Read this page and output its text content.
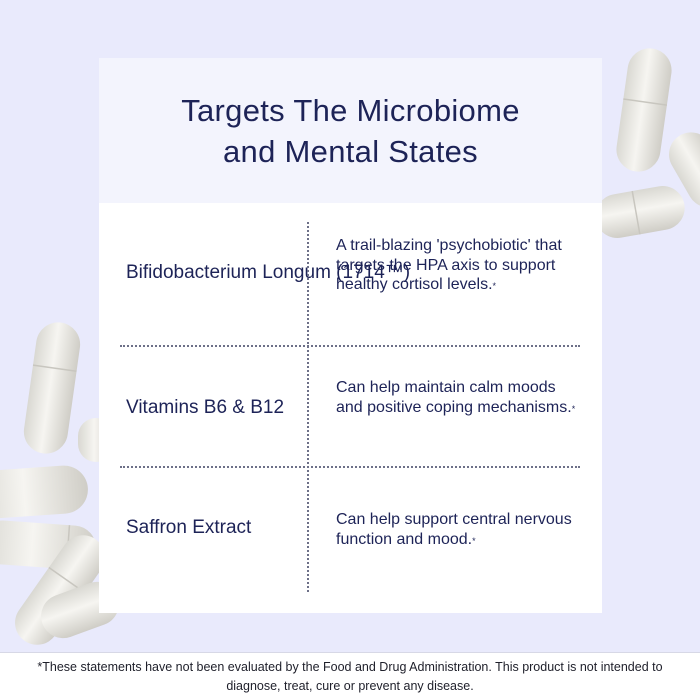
Targets The Microbiome and Mental States
Bifidobacterium Longum (1714™)
A trail-blazing 'psychobiotic' that targets the HPA axis to support healthy cortisol levels.*
Vitamins B6 & B12
Can help maintain calm moods and positive coping mechanisms.*
Saffron Extract	Can help support central nervous function and mood.*

*These statements have not been evaluated by the Food and Drug Administration. This product is not intended to diagnose, treat, cure or prevent any disease.
